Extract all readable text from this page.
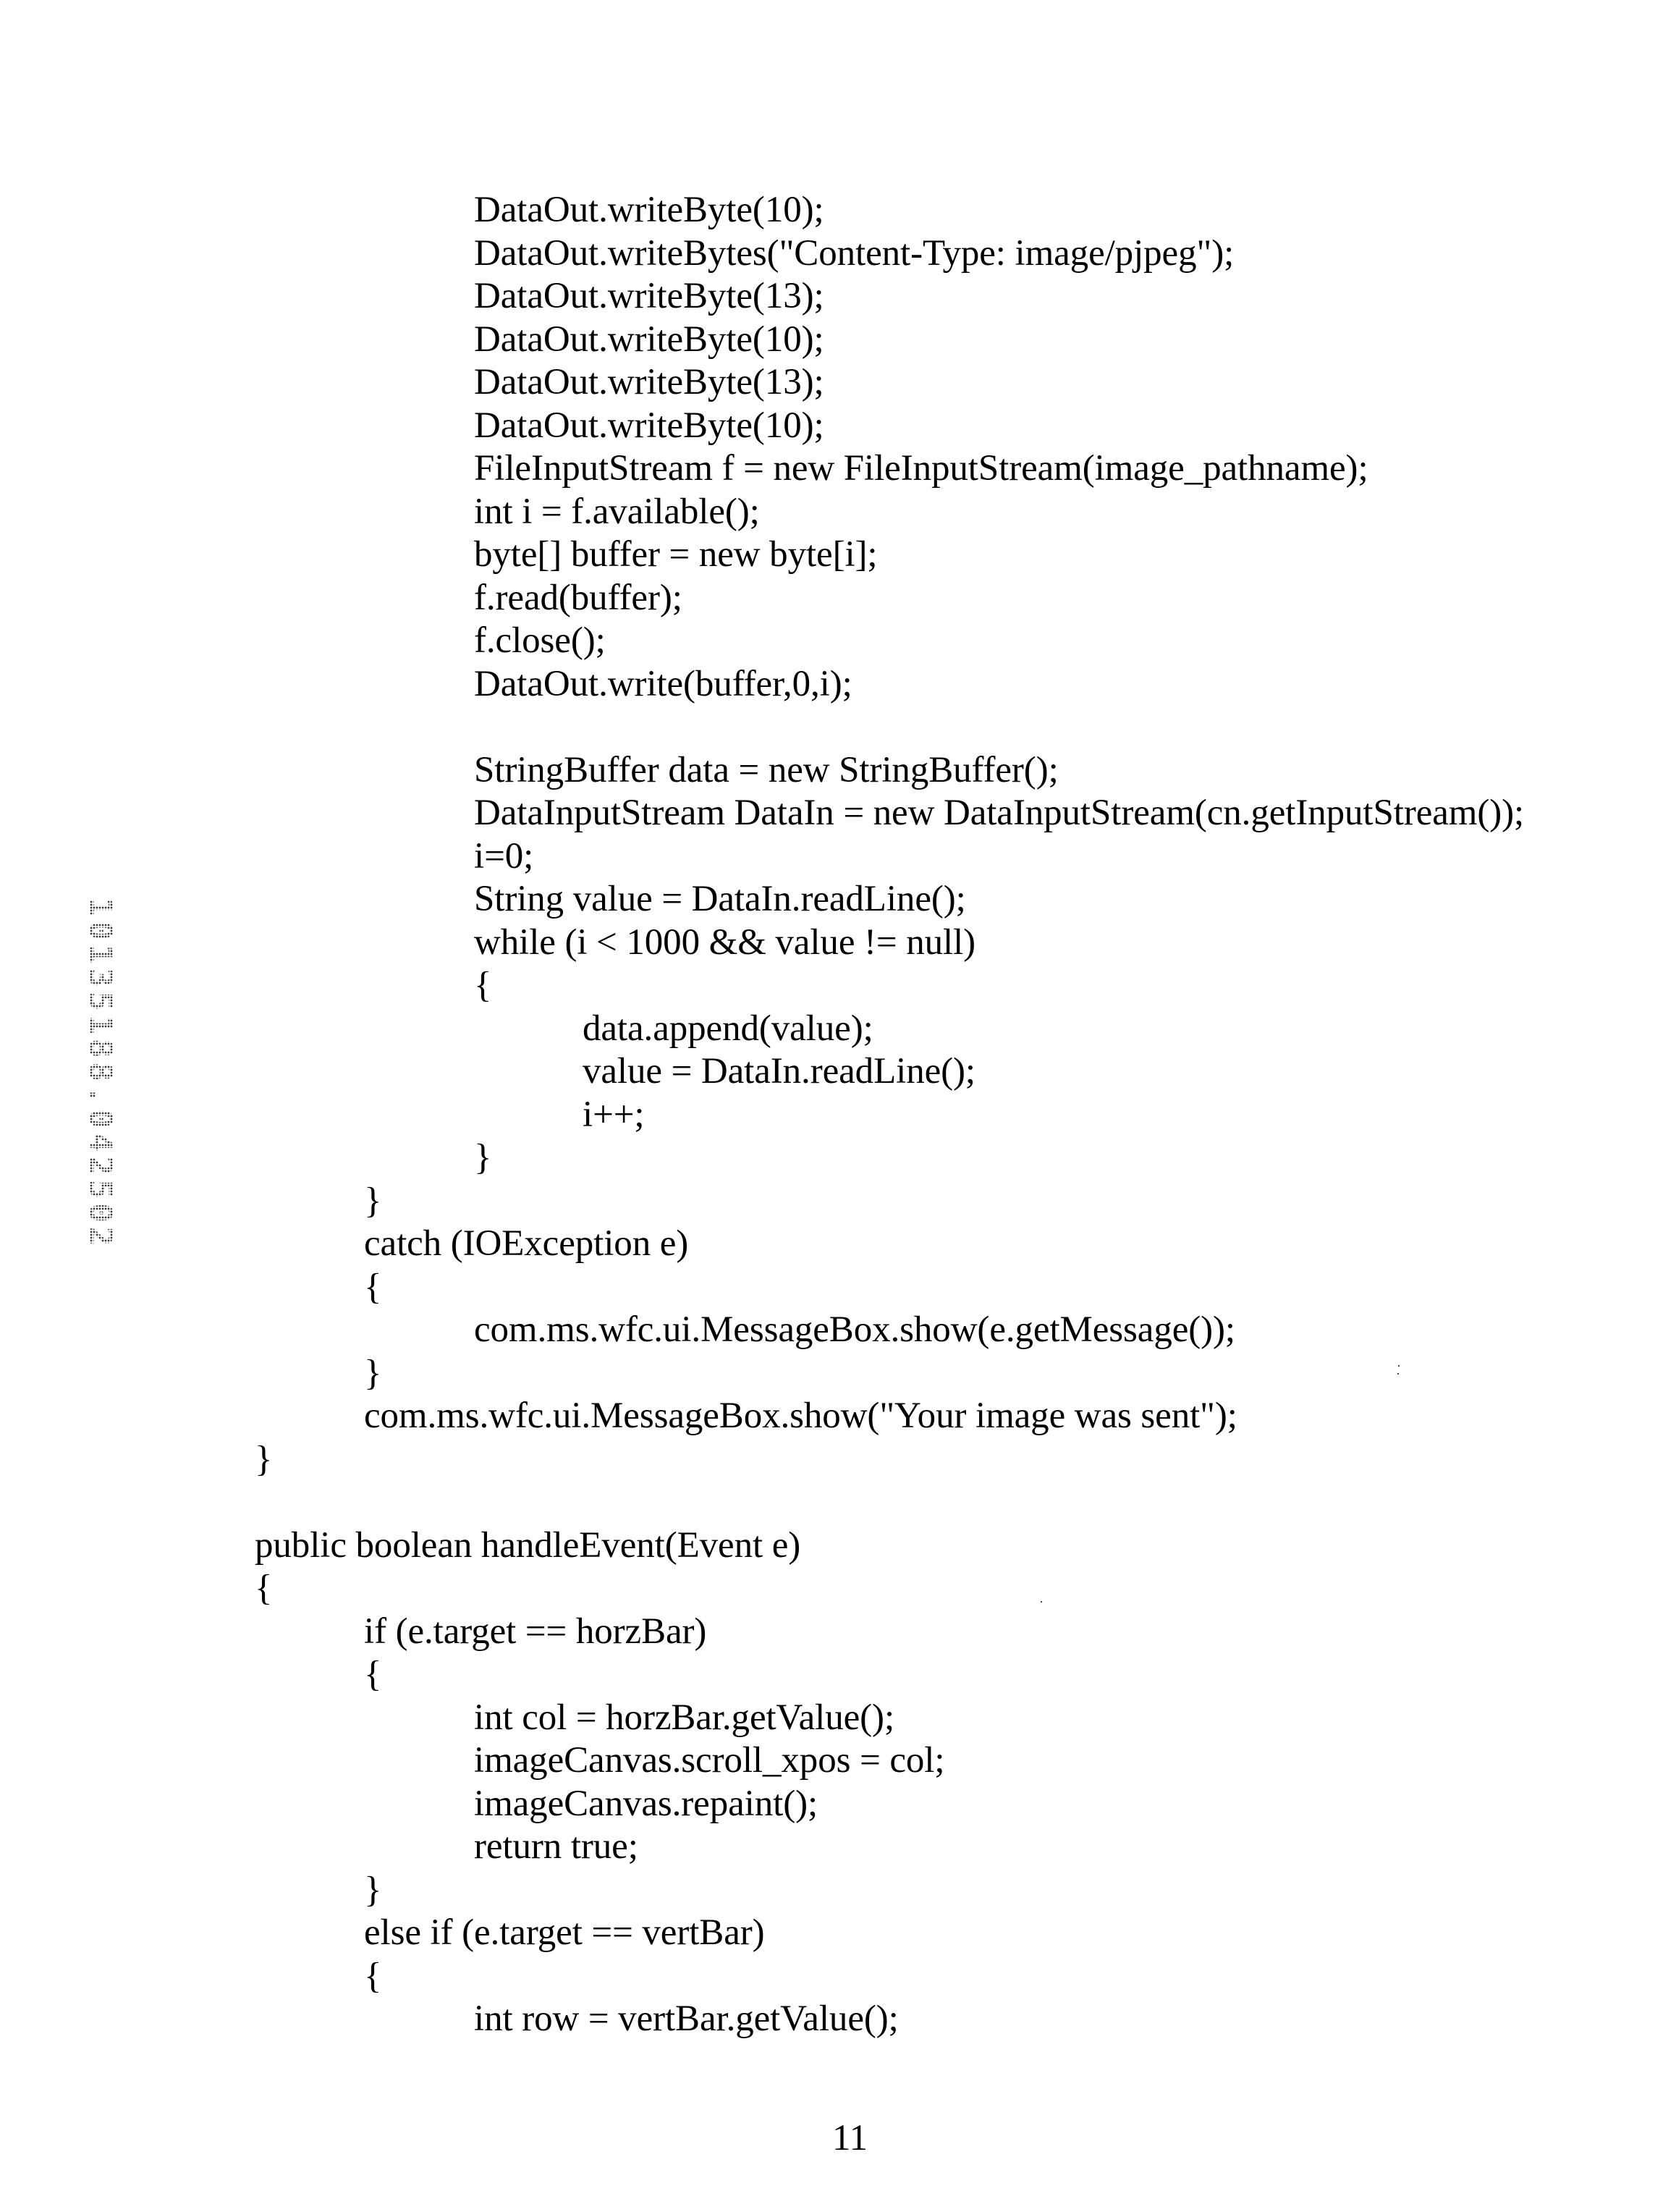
10135188.042502
DataOut.writeByte(10);
DataOut.writeBytes("Content-Type: image/pjpeg");
DataOut.writeByte(13);
DataOut.writeByte(10);
DataOut.writeByte(13);
DataOut.writeByte(10);
FileInputStream f = new FileInputStream(image_pathname);
int i = f.available();
byte[] buffer = new byte[i];
f.read(buffer);
f.close();
DataOut.write(buffer,0,i);
StringBuffer data = new StringBuffer();
DataInputStream DataIn = new DataInputStream(cn.getInputStream());
i=0;
String value = DataIn.readLine();
while (i < 1000 && value != null)
{
data.append(value);
value = DataIn.readLine();
i++;
}
}
catch (IOException e)
{
com.ms.wfc.ui.MessageBox.show(e.getMessage());
}
com.ms.wfc.ui.MessageBox.show("Your image was sent");
}
public boolean handleEvent(Event e)
{
if (e.target == horzBar)
{
int col = horzBar.getValue();
imageCanvas.scroll_xpos = col;
imageCanvas.repaint();
return true;
}
else if (e.target == vertBar)
{
int row = vertBar.getValue();
11
